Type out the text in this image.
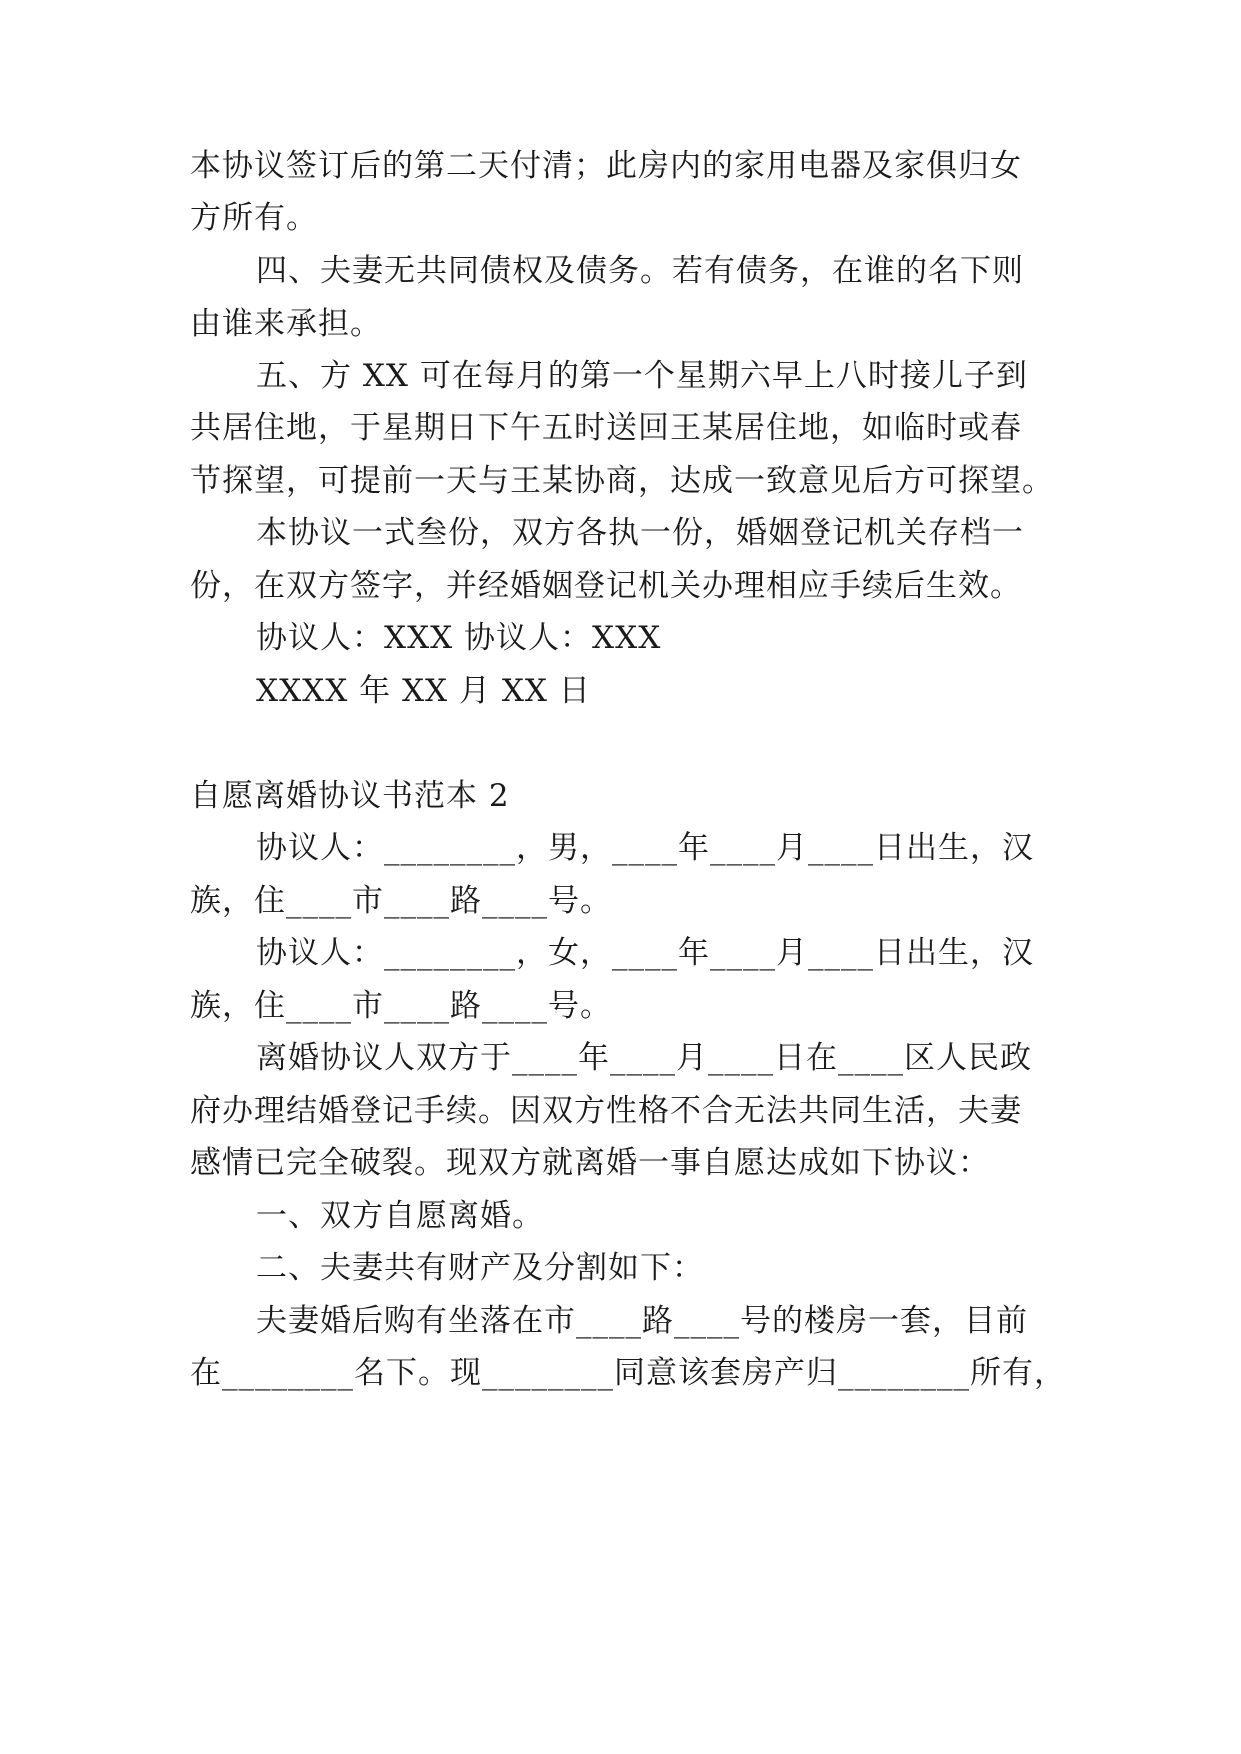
本协议签订后的第二天付清；此房内的家用电器及家俱归女
方所有。
四、夫妻无共同债权及债务。若有债务，在谁的名下则
由谁来承担。
五、方 XX 可在每月的第一个星期六早上八时接儿子到
共居住地，于星期日下午五时送回王某居住地，如临时或春
节探望，可提前一天与王某协商，达成一致意见后方可探望。
本协议一式叁份，双方各执一份，婚姻登记机关存档一
份，在双方签字，并经婚姻登记机关办理相应手续后生效。
协议人：XXX 协议人：XXX
XXXX 年 XX 月 XX 日
自愿离婚协议书范本 2
协议人：________，男，____年____月____日出生，汉
族，住____市____路____号。
协议人：________，女，____年____月____日出生，汉
族，住____市____路____号。
离婚协议人双方于____年____月____日在____区人民政
府办理结婚登记手续。因双方性格不合无法共同生活，夫妻
感情已完全破裂。现双方就离婚一事自愿达成如下协议：
一、双方自愿离婚。
二、夫妻共有财产及分割如下：
夫妻婚后购有坐落在市____路____号的楼房一套，目前
在________名下。现________同意该套房产归________所有，
